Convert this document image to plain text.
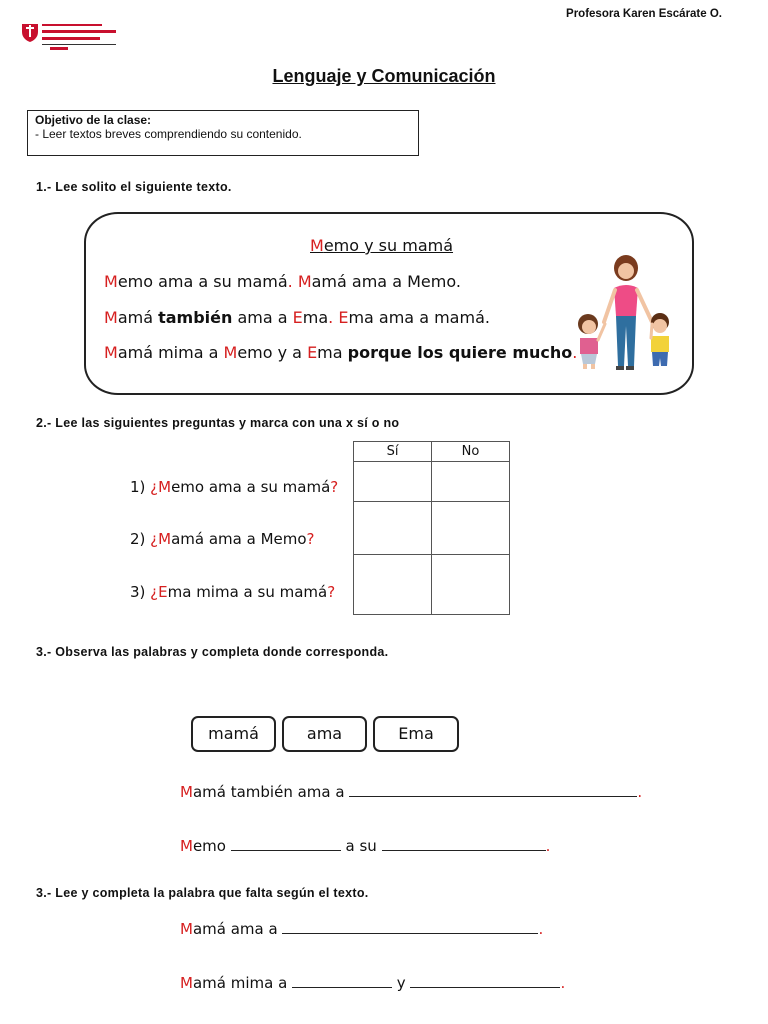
Profesora Karen Escárate O.
Lenguaje y Comunicación
Objetivo de la clase:
- Leer textos breves comprendiendo su contenido.
1.- Lee solito el siguiente texto.
Memo y su mamá
Memo ama a su mamá. Mamá ama a Memo.
Mamá también ama a Ema. Ema ama a mamá.
Mamá mima a Memo y a Ema porque los quiere mucho.
2.- Lee las siguientes preguntas y marca con una x sí o no
Sí	No

1) ¿Memo ama a su mamá?
2) ¿Mamá ama a Memo?
3) ¿Ema mima a su mamá?
3.- Observa las palabras y completa donde corresponda.
mamá	ama	Ema
Mamá también ama a	.
Memo	a su	.
3.- Lee y completa la palabra que falta según el texto.
Mamá ama a	.
Mamá mima a	y	.
